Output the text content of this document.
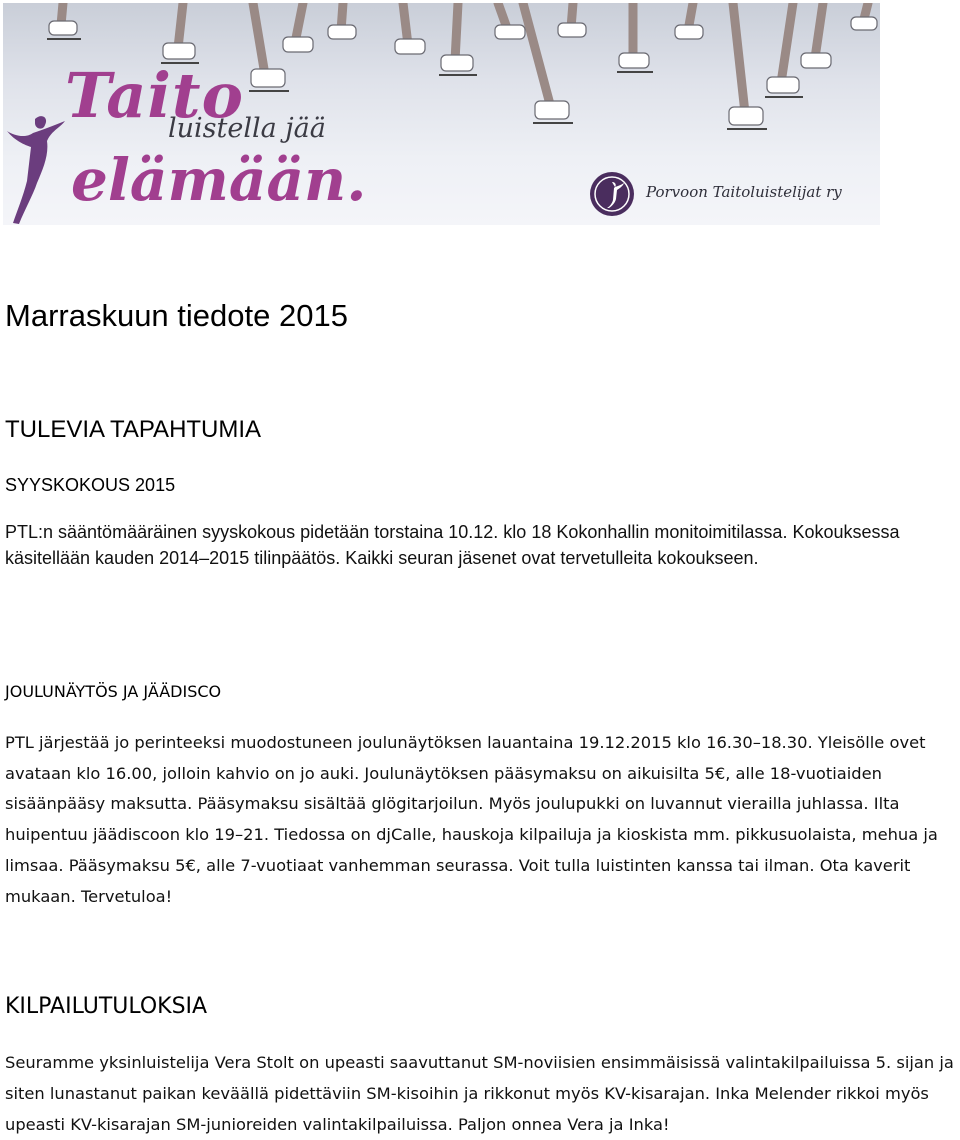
Taito
luistella jää
elämään.	Porvoon Taitoluistelijat ry
Marraskuun tiedote 2015
TULEVIA TAPAHTUMIA
SYYSKOKOUS 2015

PTL:n sääntömääräinen syyskokous pidetään torstaina 10.12. klo 18 Kokonhallin monitoimitilassa. Kokouksessa käsitellään kauden 2014–2015 tilinpäätös. Kaikki seuran jäsenet ovat tervetulleita kokoukseen.

JOULUNÄYTÖS JA JÄÄDISCO

PTL järjestää jo perinteeksi muodostuneen joulunäytöksen lauantaina 19.12.2015 klo 16.30–18.30. Yleisölle ovet avataan klo 16.00, jolloin kahvio on jo auki. Joulunäytöksen pääsymaksu on aikuisilta 5€, alle 18-vuotiaiden sisäänpääsy maksutta. Pääsymaksu sisältää glögitarjoilun. Myös joulupukki on luvannut vierailla juhlassa. Ilta huipentuu jäädiscoon klo 19–21. Tiedossa on djCalle, hauskoja kilpailuja ja kioskista mm. pikkusuolaista, mehua ja limsaa. Pääsymaksu 5€, alle 7-vuotiaat vanhemman seurassa. Voit tulla luistinten kanssa tai ilman. Ota kaverit mukaan. Tervetuloa!

KILPAILUTULOKSIA

Seuramme yksinluistelija Vera Stolt on upeasti saavuttanut SM-noviisien ensimmäisissä valintakilpailuissa 5. sijan ja siten lunastanut paikan keväällä pidettäviin SM-kisoihin ja rikkonut myös KV-kisarajan. Inka Melender rikkoi myös upeasti KV-kisarajan SM-junioreiden valintakilpailuissa. Paljon onnea Vera ja Inka!
